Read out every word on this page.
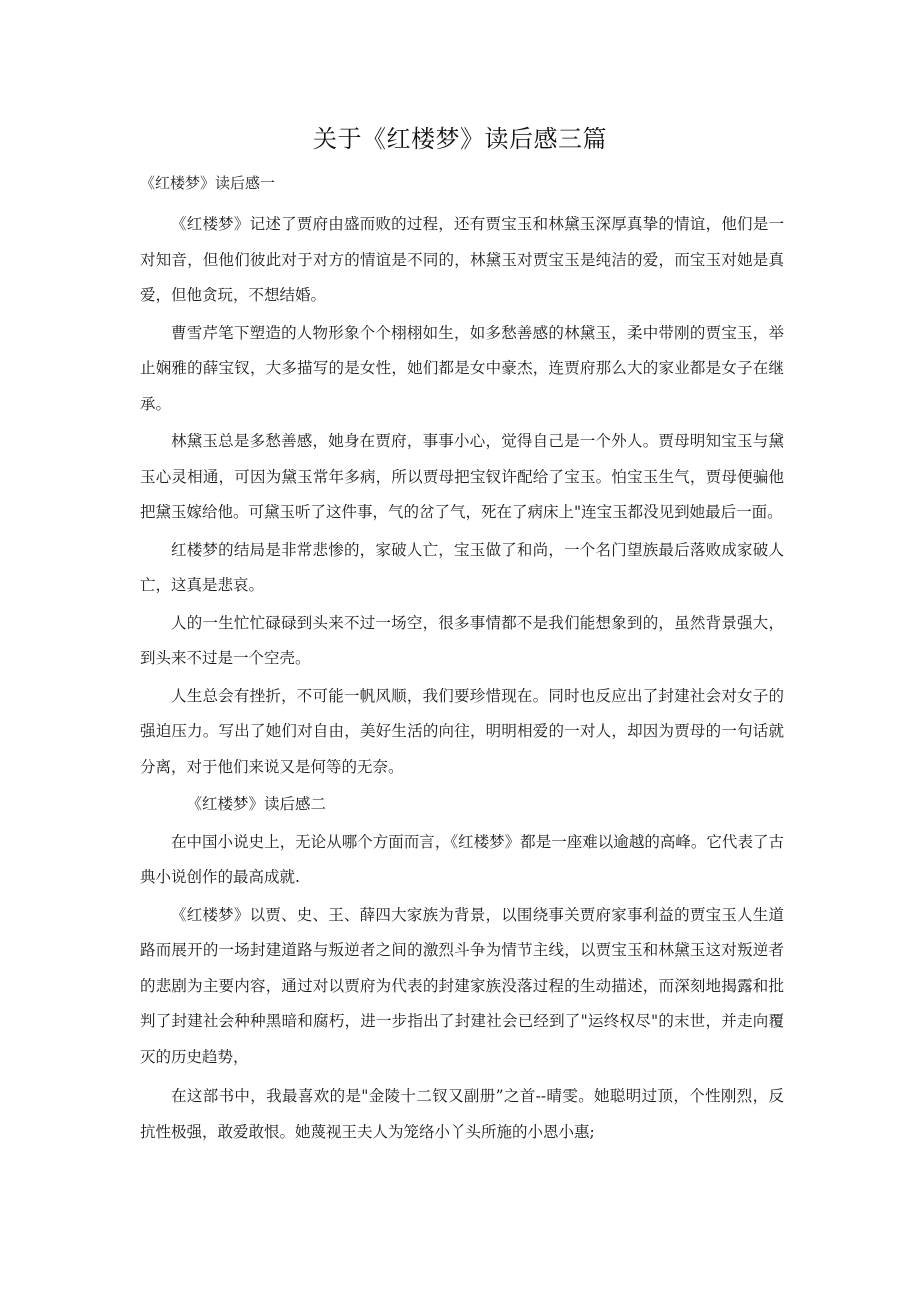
关于《红楼梦》读后感三篇

《红楼梦》读后感一

《红楼梦》记述了贾府由盛而败的过程，还有贾宝玉和林黛玉深厚真挚的情谊，他们是一对知音，但他们彼此对于对方的情谊是不同的，林黛玉对贾宝玉是纯洁的爱，而宝玉对她是真爱，但他贪玩，不想结婚。

曹雪芹笔下塑造的人物形象个个栩栩如生，如多愁善感的林黛玉，柔中带刚的贾宝玉，举止娴雅的薛宝钗，大多描写的是女性，她们都是女中豪杰，连贾府那么大的家业都是女子在继承。

林黛玉总是多愁善感，她身在贾府，事事小心，觉得自己是一个外人。贾母明知宝玉与黛玉心灵相通，可因为黛玉常年多病，所以贾母把宝钗许配给了宝玉。怕宝玉生气，贾母便骗他把黛玉嫁给他。可黛玉听了这件事，气的岔了气，死在了病床上"连宝玉都没见到她最后一面。

红楼梦的结局是非常悲惨的，家破人亡，宝玉做了和尚，一个名门望族最后落败成家破人亡，这真是悲哀。

人的一生忙忙碌碌到头来不过一场空，很多事情都不是我们能想象到的，虽然背景强大，到头来不过是一个空壳。

人生总会有挫折，不可能一帆风顺，我们要珍惜现在。同时也反应出了封建社会对女子的强迫压力。写出了她们对自由，美好生活的向往，明明相爱的一对人，却因为贾母的一句话就分离，对于他们来说又是何等的无奈。

《红楼梦》读后感二

在中国小说史上，无论从哪个方面而言，《红楼梦》都是一座难以逾越的高峰。它代表了古典小说创作的最高成就.

《红楼梦》以贾、史、王、薛四大家族为背景，以围绕事关贾府家事利益的贾宝玉人生道路而展开的一场封建道路与叛逆者之间的激烈斗争为情节主线，以贾宝玉和林黛玉这对叛逆者的悲剧为主要内容，通过对以贾府为代表的封建家族没落过程的生动描述，而深刻地揭露和批判了封建社会种种黑暗和腐朽，进一步指出了封建社会已经到了"运终权尽"的末世，并走向覆灭的历史趋势，

在这部书中，我最喜欢的是"金陵十二钗又副册”之首--晴雯。她聪明过顶，个性刚烈，反抗性极强，敢爱敢恨。她蔑视王夫人为笼络小丫头所施的小恩小惠;
